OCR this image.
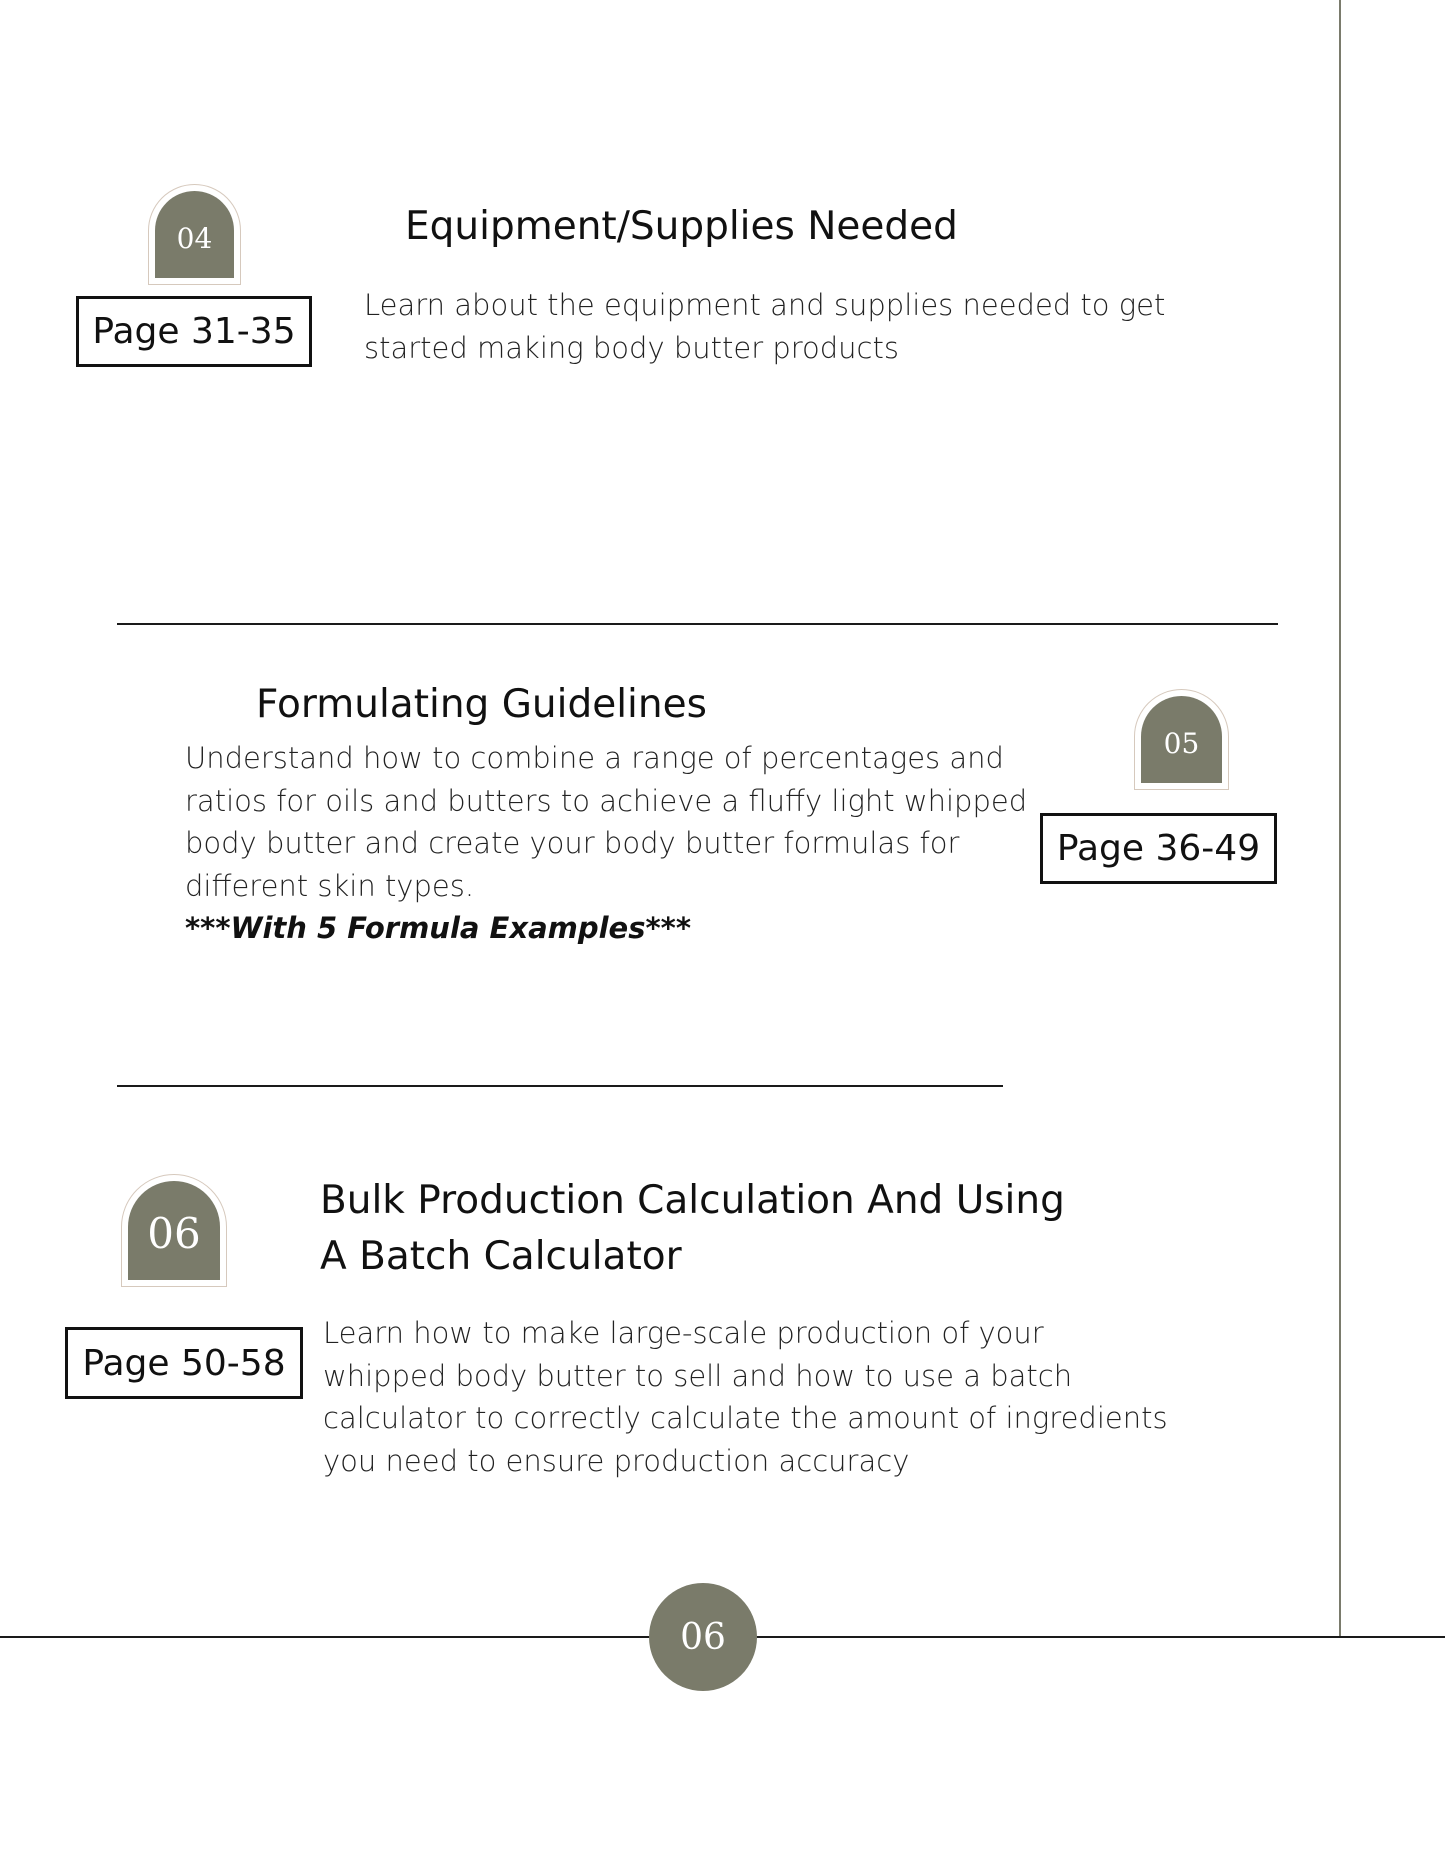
04
Page 31-35
Equipment/Supplies Needed

Learn about the equipment and supplies needed to get

started making body butter products

Formulating Guidelines

Understand how to combine a range of percentages and

ratios for oils and butters to achieve a fluffy light whipped

body butter and create your body butter formulas for

different skin types.

***With 5 Formula Examples***

05
Page 36-49
06
Page 50-58
Bulk Production Calculation And Using
A Batch Calculator

Learn how to make large-scale production of your

whipped body butter to sell and how to use a batch

calculator to correctly calculate the amount of ingredients

you need to ensure production accuracy

06
